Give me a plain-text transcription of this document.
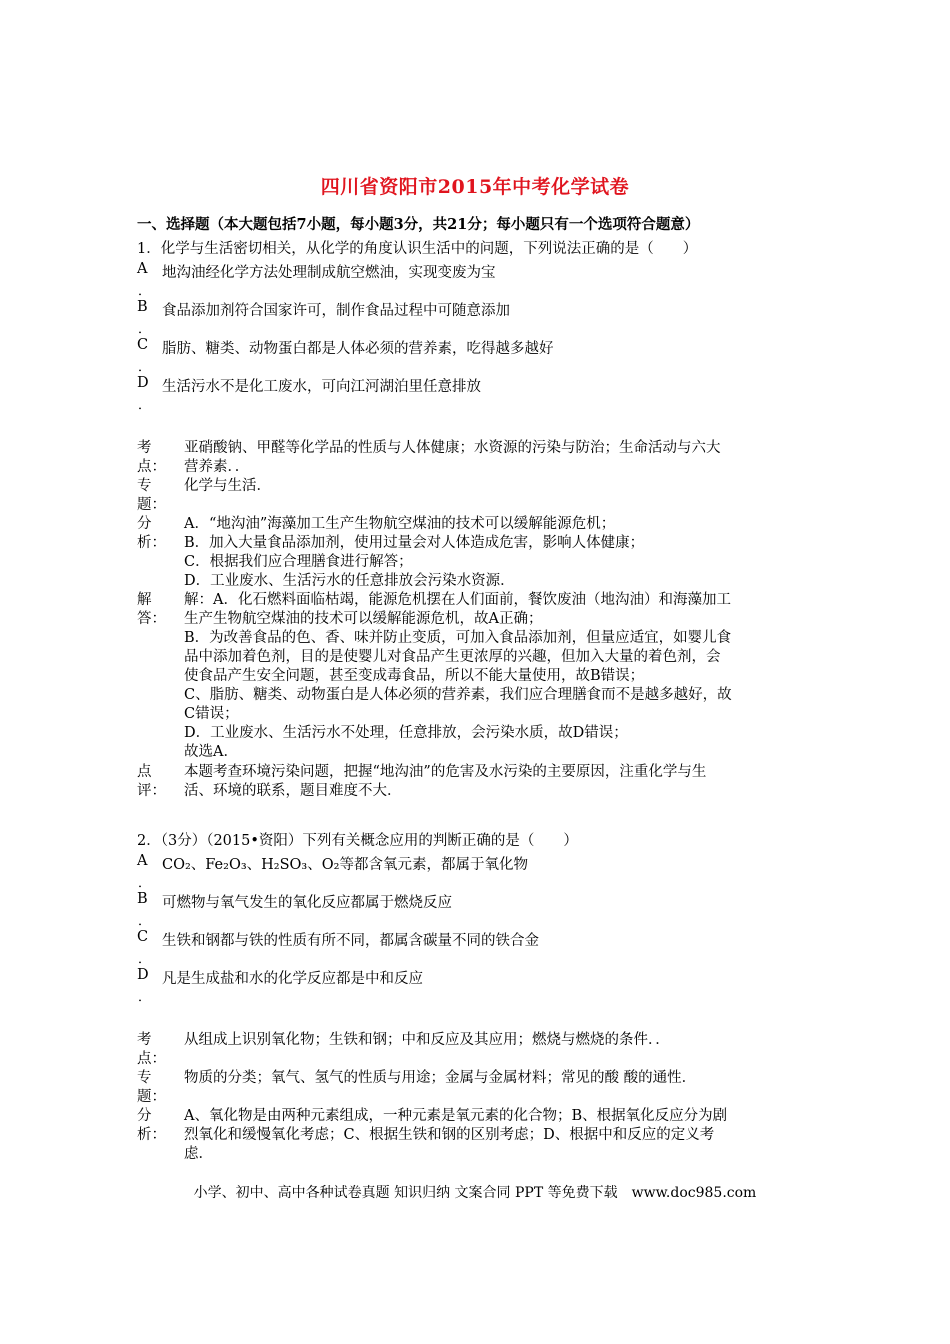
四川省资阳市2015年中考化学试卷
一、选择题（本大题包括7小题，每小题3分，共21分；每小题只有一个选项符合题意）
1．化学与生活密切相关，从化学的角度认识生活中的问题，下列说法正确的是（　　）
A
．
地沟油经化学方法处理制成航空燃油，实现变废为宝
B
．
食品添加剂符合国家许可，制作食品过程中可随意添加
C
．
脂肪、糖类、动物蛋白都是人体必须的营养素，吃得越多越好
D
．
生活污水不是化工废水，可向江河湖泊里任意排放
考
点：
亚硝酸钠、甲醛等化学品的性质与人体健康；水资源的污染与防治；生命活动与六大
营养素．．
专
题：
化学与生活．
分
析：
A．“地沟油”海藻加工生产生物航空煤油的技术可以缓解能源危机；
B．加入大量食品添加剂，使用过量会对人体造成危害，影响人体健康；
C．根据我们应合理膳食进行解答；
D．工业废水、生活污水的任意排放会污染水资源．
解
答：
解：A．化石燃料面临枯竭，能源危机摆在人们面前，餐饮废油（地沟油）和海藻加工
生产生物航空煤油的技术可以缓解能源危机，故A正确；
B．为改善食品的色、香、味并防止变质，可加入食品添加剂，但量应适宜，如婴儿食
品中添加着色剂，目的是使婴儿对食品产生更浓厚的兴趣，但加入大量的着色剂，会
使食品产生安全问题，甚至变成毒食品，所以不能大量使用，故B错误；
C、脂肪、糖类、动物蛋白是人体必须的营养素，我们应合理膳食而不是越多越好，故
C错误；
D．工业废水、生活污水不处理，任意排放，会污染水质，故D错误；
故选A．
点
评：
本题考查环境污染问题，把握“地沟油”的危害及水污染的主要原因，注重化学与生
活、环境的联系，题目难度不大．
2．（3分）（2015•资阳）下列有关概念应用的判断正确的是（　　）
A
．
CO₂、Fe₂O₃、H₂SO₃、O₂等都含氧元素，都属于氧化物
B
．
可燃物与氧气发生的氧化反应都属于燃烧反应
C
．
生铁和钢都与铁的性质有所不同，都属含碳量不同的铁合金
D
．
凡是生成盐和水的化学反应都是中和反应
考
点：
从组成上识别氧化物；生铁和钢；中和反应及其应用；燃烧与燃烧的条件．．
专
题：
物质的分类；氧气、氢气的性质与用途；金属与金属材料；常见的酸 酸的通性．
分
析：
A、氧化物是由两种元素组成，一种元素是氧元素的化合物；B、根据氧化反应分为剧
烈氧化和缓慢氧化考虑；C、根据生铁和钢的区别考虑；D、根据中和反应的定义考
虑．
小学、初中、高中各种试卷真题 知识归纳 文案合同 PPT 等免费下载　www.doc985.com
